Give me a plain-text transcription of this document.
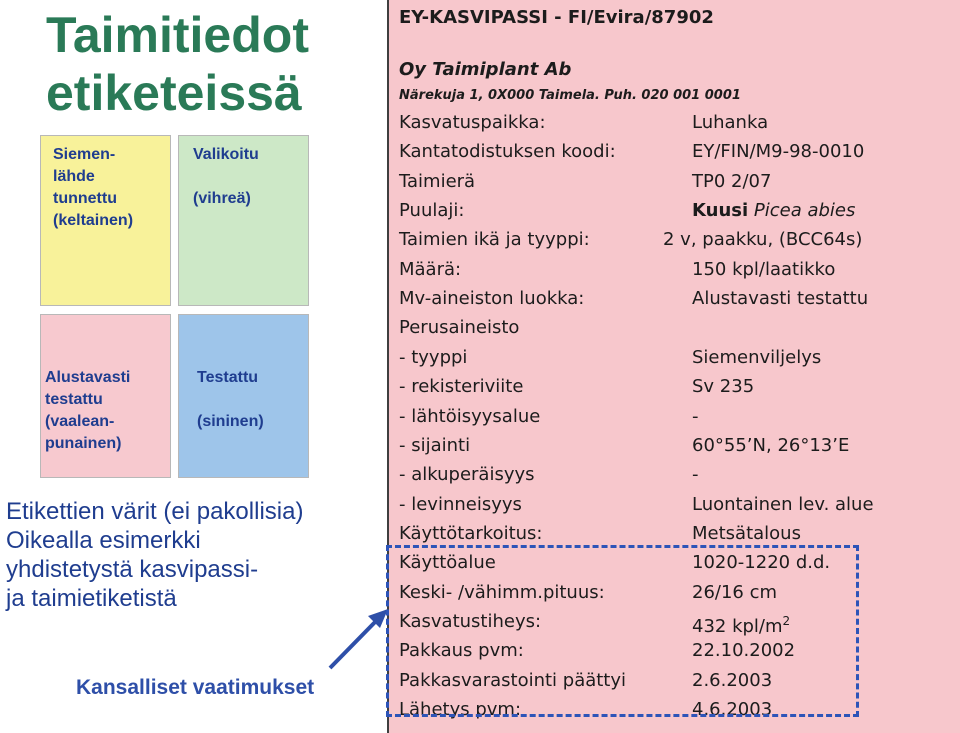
Taimitiedot etiketeissä
Siemen-
lähde
tunnettu
(keltainen)
Valikoitu

(vihreä)
Alustavasti
testattu
(vaalean-
punainen)
Testattu

(sininen)
Etikettien värit (ei pakollisia)
Oikealla esimerkki
yhdistetystä kasvipassi-
ja taimietiketistä
Kansalliset vaatimukset
EY-KASVIPASSI - FI/Evira/87902
Oy Taimiplant Ab
Närekuja 1, 0X000 Taimela. Puh. 020 001 0001
Kasvatuspaikka:	Luhanka
Kantatodistuksen koodi:	EY/FIN/M9-98-0010
Taimierä	TP0 2/07
Puulaji:	Kuusi Picea abies
Taimien ikä ja tyyppi:	2 v, paakku, (BCC64s)
Määrä:	150 kpl/laatikko
Mv-aineiston luokka:	Alustavasti testattu
Perusaineisto
- tyyppi	Siemenviljelys
- rekisteriviite	Sv 235
- lähtöisyysalue	-
- sijainti	60°55’N, 26°13’E
- alkuperäisyys	-
- levinneisyys	Luontainen lev. alue
Käyttötarkoitus:	Metsätalous
Käyttöalue	1020-1220 d.d.
Keski- /vähimm.pituus:	26/16 cm
Kasvatustiheys:	432 kpl/$m^2$
Pakkaus pvm:	22.10.2002
Pakkasvarastointi päättyi	2.6.2003
Lähetys pvm:	4.6.2003
